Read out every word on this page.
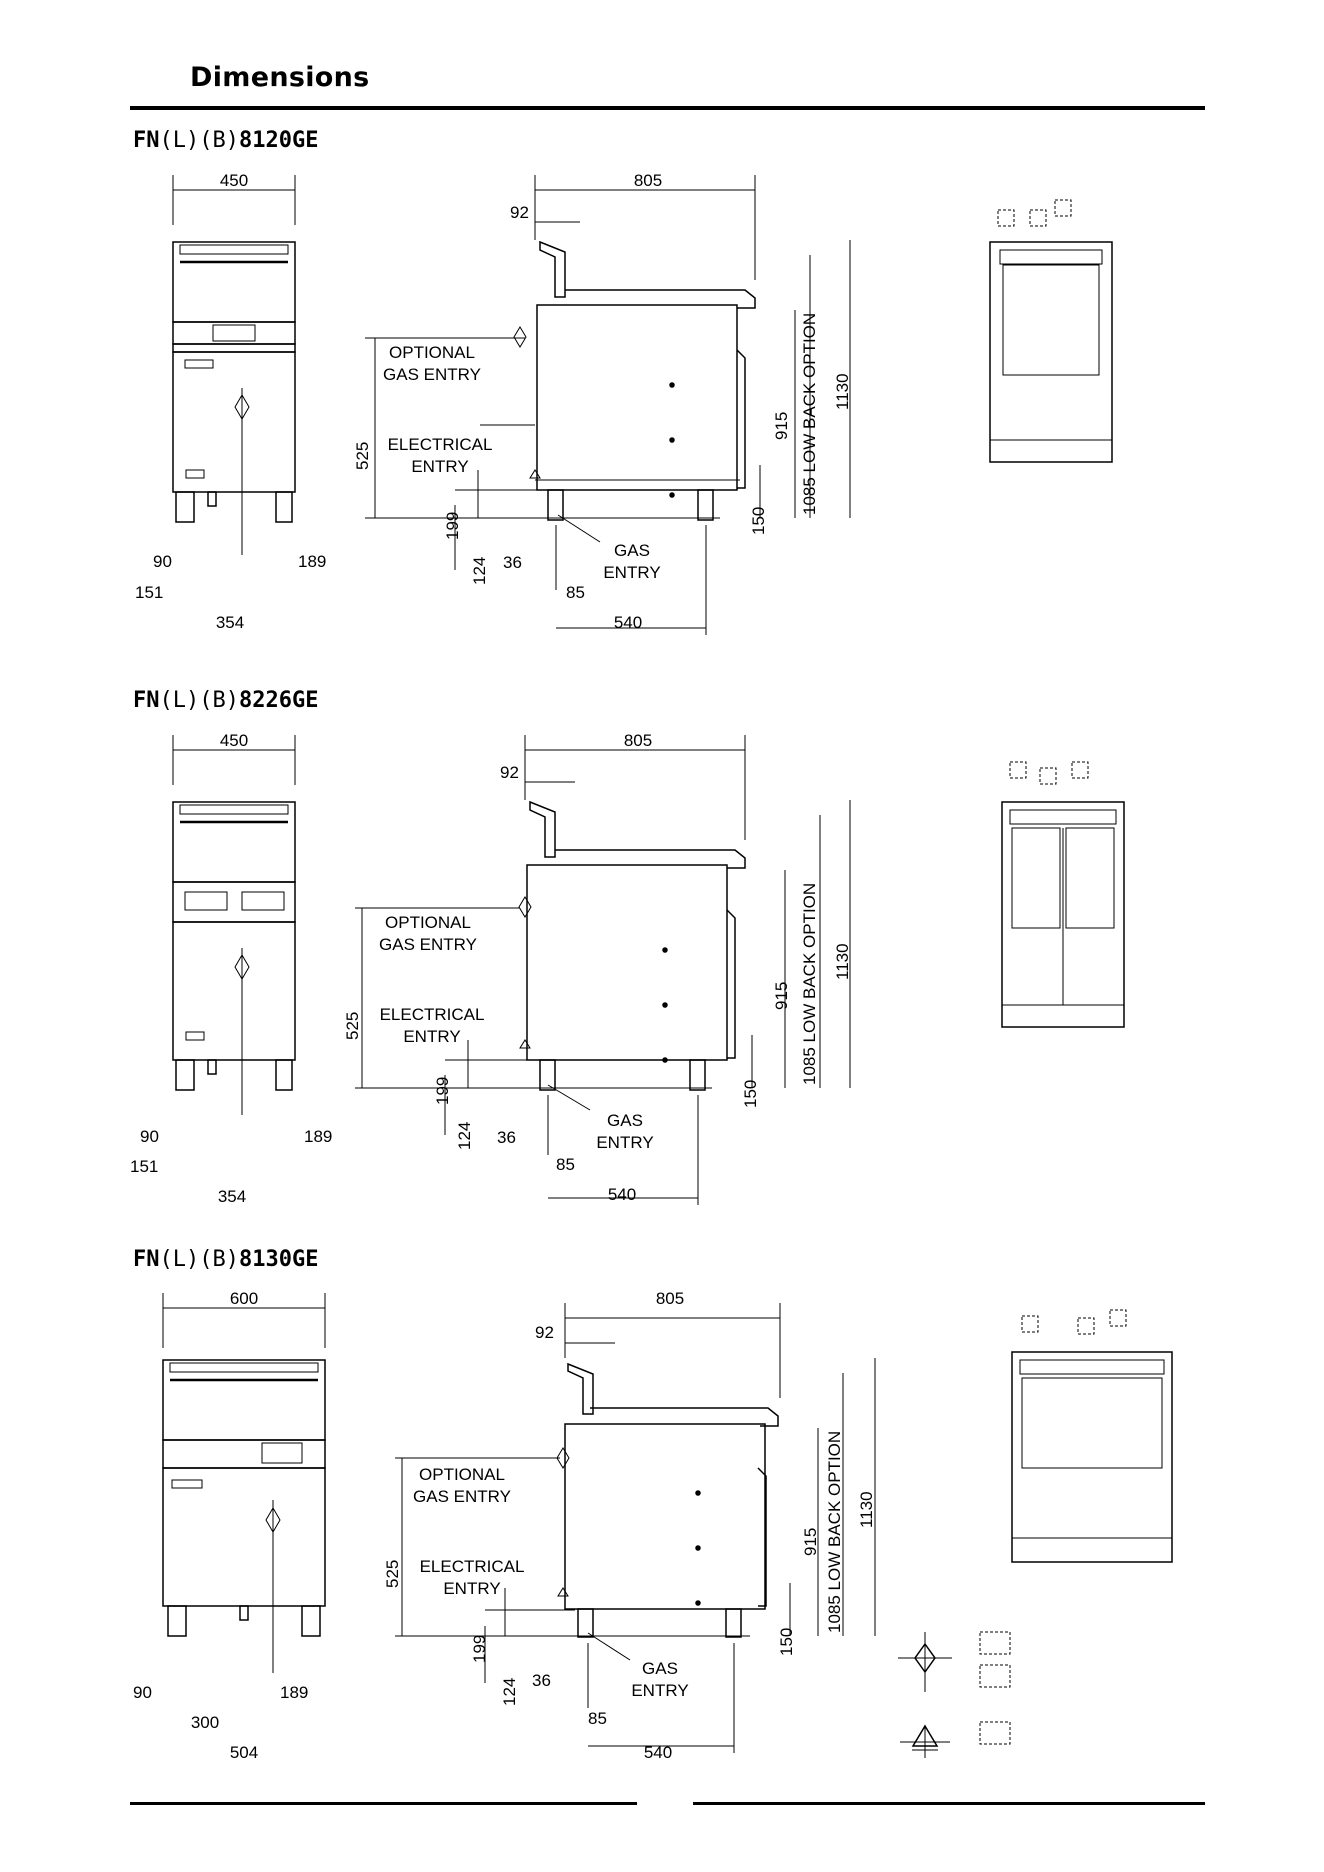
Dimensions
FN(L)(B)8120GE
450
90
151
189
354
805
92
OPTIONAL
GAS ENTRY
ELECTRICAL
ENTRY
GAS
ENTRY
36
85
540
525
199
124
150
915 1085 LOW BACK OPTION 1130
FN(L)(B)8226GE
450
90
151
189
354
805
92
OPTIONAL
GAS ENTRY
ELECTRICAL
ENTRY
GAS
ENTRY
36
85
540
525
199
124
150
915 1085 LOW BACK OPTION 1130
FN(L)(B)8130GE
600
90
300
189
504
805
92
OPTIONAL
GAS ENTRY
ELECTRICAL
ENTRY
GAS
ENTRY
36
85
540
525
199
124
150
915 1085 LOW BACK OPTION 1130
